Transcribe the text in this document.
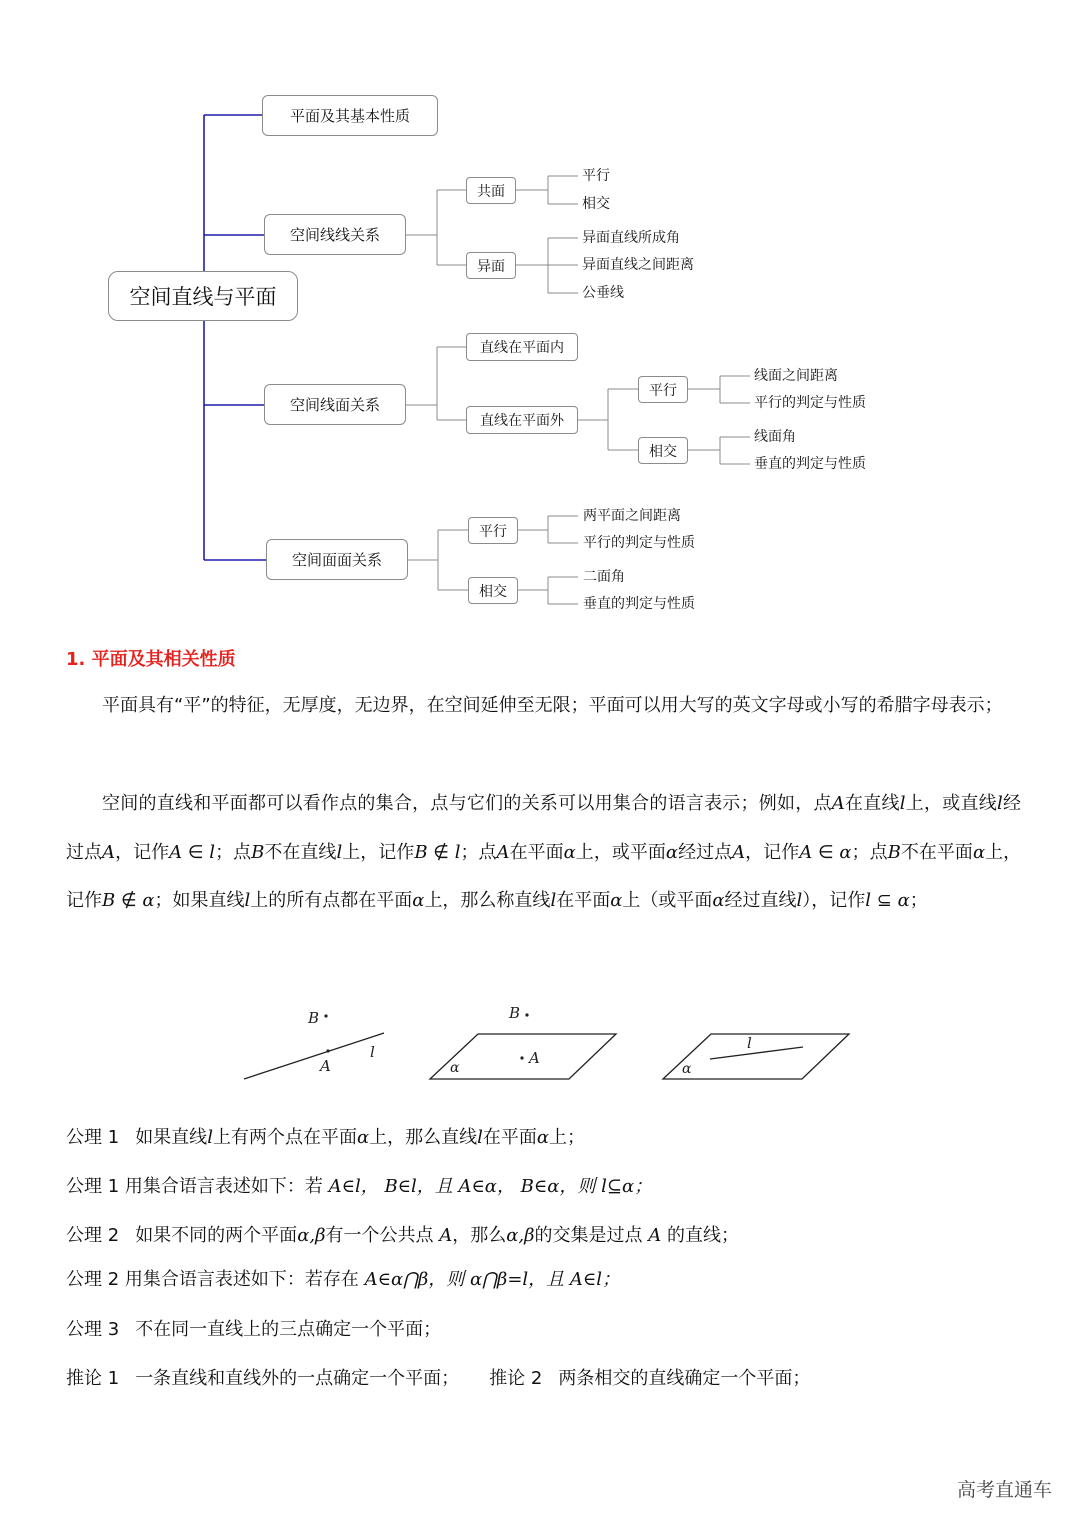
空间直线与平面
平面及其基本性质
空间线线关系
共面
异面
平行
相交
异面直线所成角
异面直线之间距离
公垂线
空间线面关系
直线在平面内
直线在平面外
平行
相交
线面之间距离
平行的判定与性质
线面角
垂直的判定与性质
空间面面关系
平行
相交
两平面之间距离
平行的判定与性质
二面角
垂直的判定与性质
1. 平面及其相关性质

平面具有“平”的特征，无厚度，无边界，在空间延伸至无限；平面可以用大写的英文字母或小写的希腊字母表示；

空间的直线和平面都可以看作点的集合，点与它们的关系可以用集合的语言表示；例如，点A在直线l上，或直线l经过点A，记作A ∈ l；点B不在直线l上，记作B ∉ l；点A在平面α上，或平面α经过点A，记作A ∈ α；点B不在平面α上，记作B ∉ α；如果直线l上的所有点都在平面α上，那么称直线l在平面α上（或平面α经过直线l），记作l ⊆ α；

B
A
l
B
A
α
l
α
公理 1 如果直线l上有两个点在平面α上，那么直线l在平面α上；
公理 1 用集合语言表述如下：若 A∈l， B∈l，且 A∈α， B∈α，则 l⊆α；
公理 2 如果不同的两个平面α,β有一个公共点 A，那么α,β的交集是过点 A 的直线；
公理 2 用集合语言表述如下：若存在 A∈α⋂β，则 α⋂β=l，且 A∈l；
公理 3 不在同一直线上的三点确定一个平面；
推论 1 一条直线和直线外的一点确定一个平面； 推论 2 两条相交的直线确定一个平面；
高考直通车
